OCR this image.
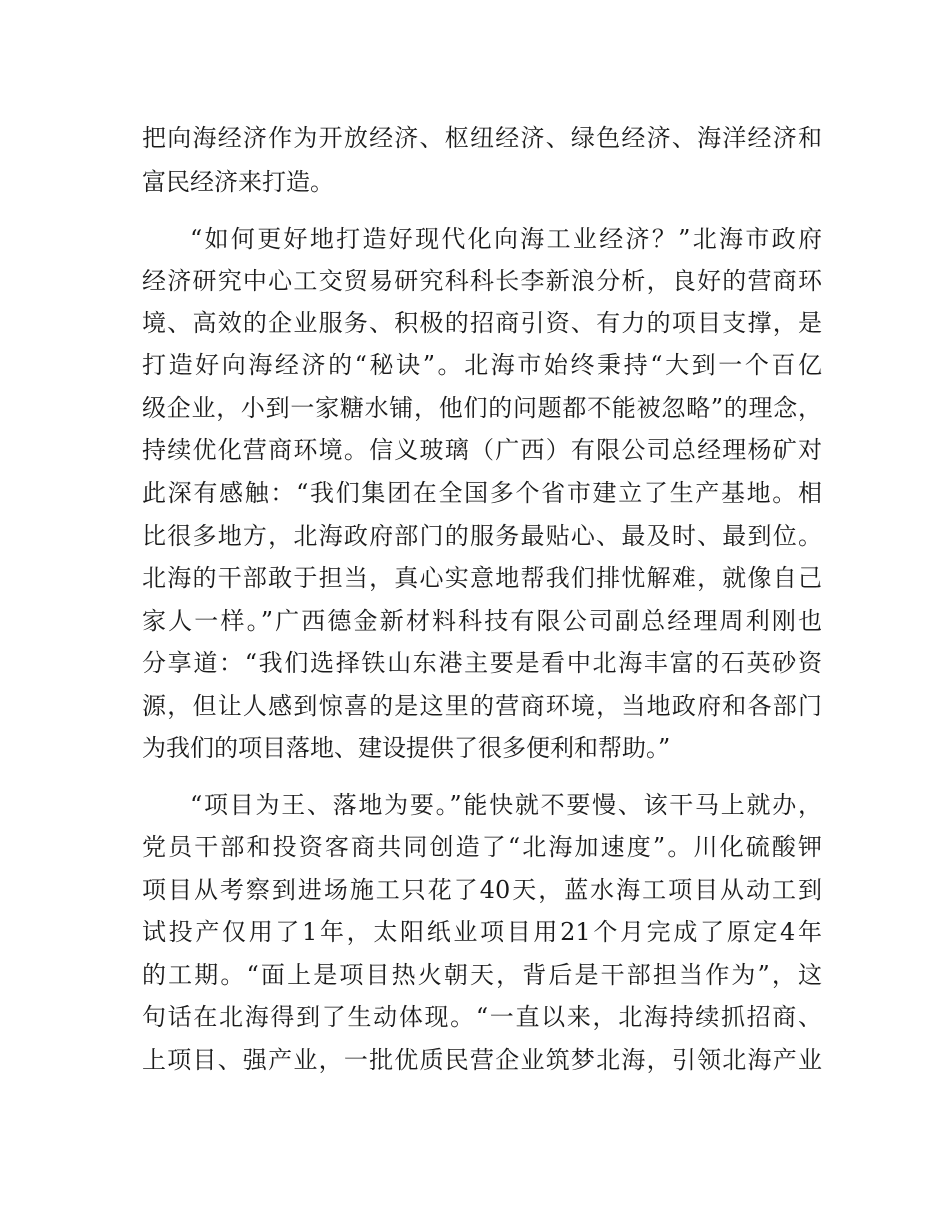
把向海经济作为开放经济、枢纽经济、绿色经济、海洋经济和
富民经济来打造。
“如何更好地打造好现代化向海工业经济？”北海市政府
经济研究中心工交贸易研究科科长李新浪分析，良好的营商环
境、高效的企业服务、积极的招商引资、有力的项目支撑，是
打造好向海经济的“秘诀”。北海市始终秉持“大到一个百亿
级企业，小到一家糖水铺，他们的问题都不能被忽略”的理念，
持续优化营商环境。信义玻璃（广西）有限公司总经理杨矿对
此深有感触：“我们集团在全国多个省市建立了生产基地。相
比很多地方，北海政府部门的服务最贴心、最及时、最到位。
北海的干部敢于担当，真心实意地帮我们排忧解难，就像自己
家人一样。”广西德金新材料科技有限公司副总经理周利刚也
分享道：“我们选择铁山东港主要是看中北海丰富的石英砂资
源，但让人感到惊喜的是这里的营商环境，当地政府和各部门
为我们的项目落地、建设提供了很多便利和帮助。”
“项目为王、落地为要。”能快就不要慢、该干马上就办，
党员干部和投资客商共同创造了“北海加速度”。川化硫酸钾
项目从考察到进场施工只花了40天，蓝水海工项目从动工到
试投产仅用了1年，太阳纸业项目用21个月完成了原定4年
的工期。“面上是项目热火朝天，背后是干部担当作为”，这
句话在北海得到了生动体现。“一直以来，北海持续抓招商、
上项目、强产业，一批优质民营企业筑梦北海，引领北海产业
